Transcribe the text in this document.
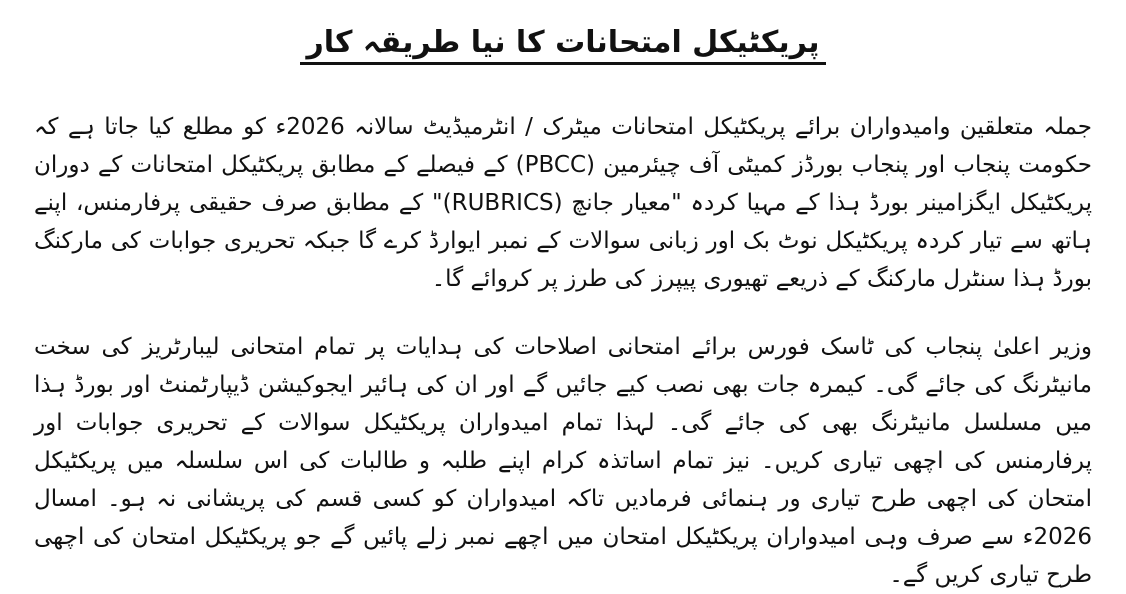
پریکٹیکل امتحانات کا نیا طریقہ کار

جملہ متعلقین وامیدواران برائے پریکٹیکل امتحانات میٹرک / انٹرمیڈیٹ سالانہ 2026ء کو مطلع کیا جاتا ہے کہ حکومت پنجاب اور پنجاب بورڈز کمیٹی آف چیئرمین (PBCC) کے فیصلے کے مطابق پریکٹیکل امتحانات کے دوران پریکٹیکل ایگزامینر بورڈ ہذا کے مہیا کردہ "معیار جانچ (RUBRICS)" کے مطابق صرف حقیقی پرفارمنس، اپنے ہاتھ سے تیار کردہ پریکٹیکل نوٹ بک اور زبانی سوالات کے نمبر ایوارڈ کرے گا جبکہ تحریری جوابات کی مارکنگ بورڈ ہذا سنٹرل مارکنگ کے ذریعے تھیوری پیپرز کی طرز پر کروائے گا۔

وزیر اعلیٰ پنجاب کی ٹاسک فورس برائے امتحانی اصلاحات کی ہدایات پر تمام امتحانی لیبارٹریز کی سخت مانیٹرنگ کی جائے گی۔ کیمرہ جات بھی نصب کیے جائیں گے اور ان کی ہائیر ایجوکیشن ڈیپارٹمنٹ اور بورڈ ہذا میں مسلسل مانیٹرنگ بھی کی جائے گی۔ لہذا تمام امیدواران پریکٹیکل سوالات کے تحریری جوابات اور پرفارمنس کی اچھی تیاری کریں۔ نیز تمام اساتذہ کرام اپنے طلبہ و طالبات کی اس سلسلہ میں پریکٹیکل امتحان کی اچھی طرح تیاری ور ہنمائی فرمادیں تاکہ امیدواران کو کسی قسم کی پریشانی نہ ہو۔ امسال 2026ء سے صرف وہی امیدواران پریکٹیکل امتحان میں اچھے نمبر زلے پائیں گے جو پریکٹیکل امتحان کی اچھی طرح تیاری کریں گے۔
